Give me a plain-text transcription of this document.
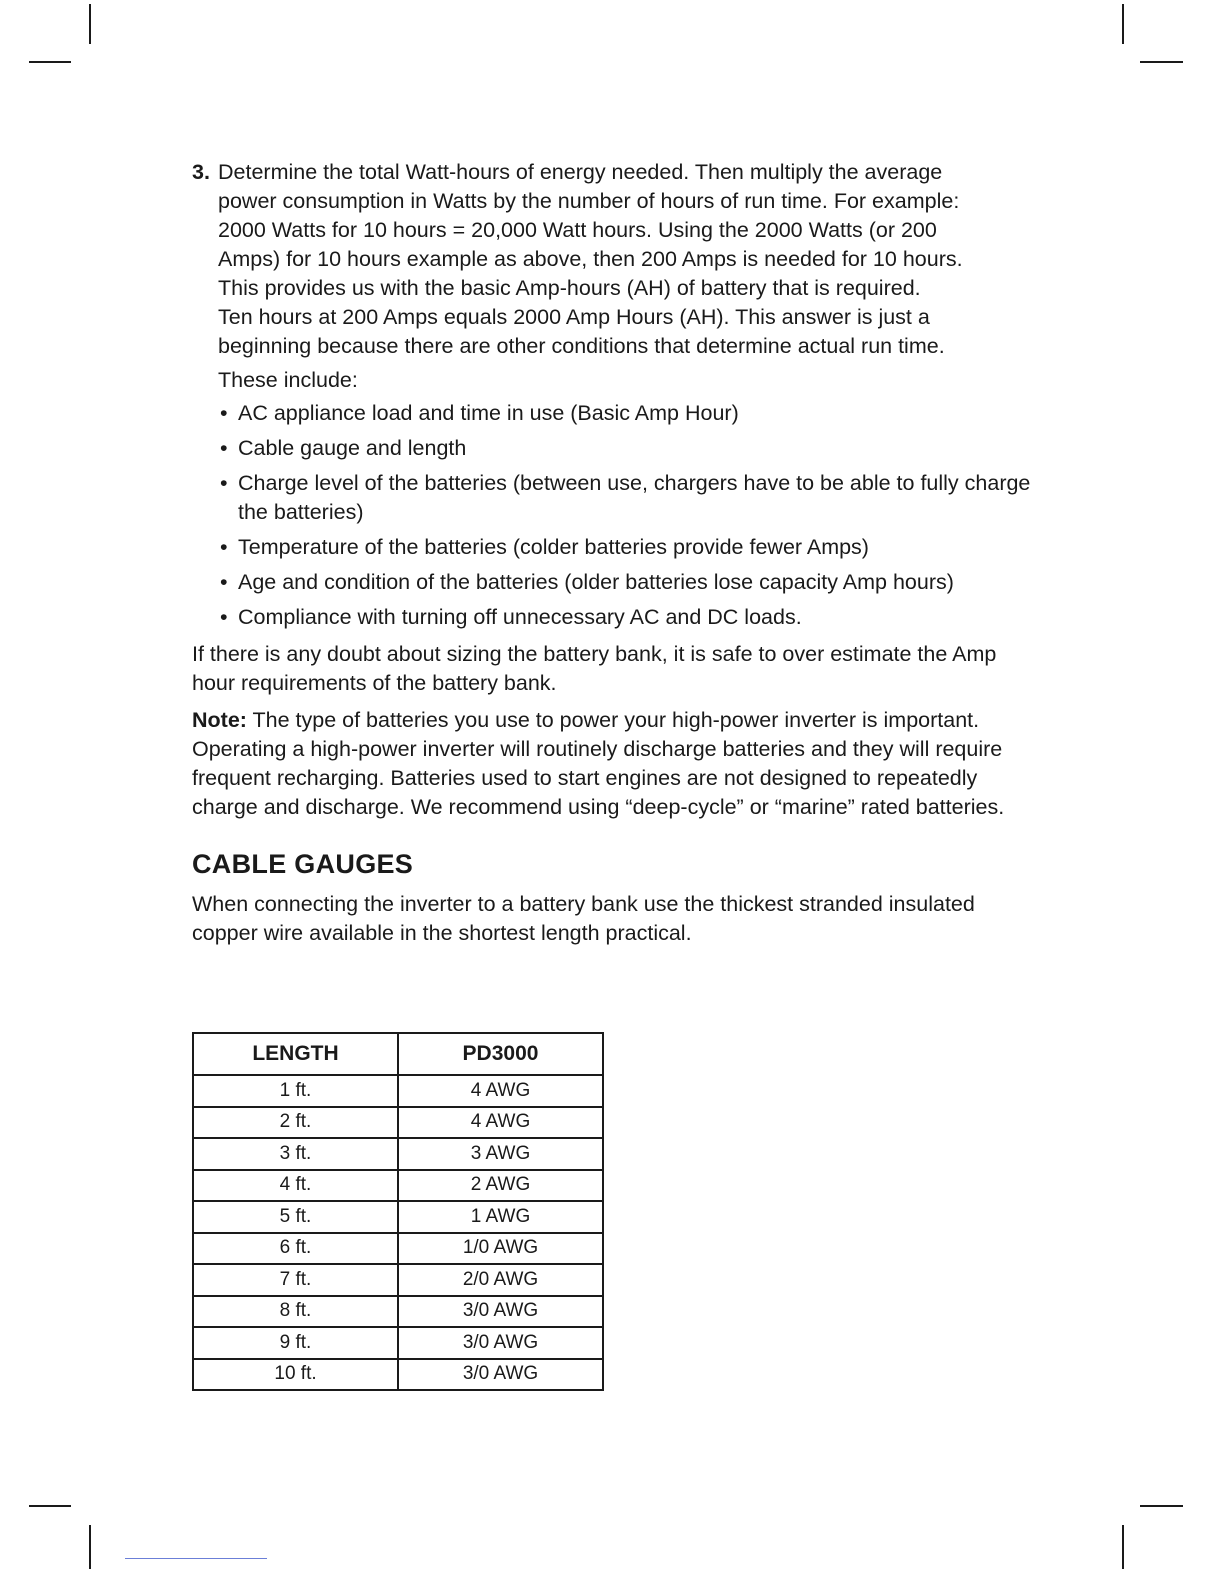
3. Determine the total Watt-hours of energy needed. Then multiply the average
power consumption in Watts by the number of hours of run time. For example:
2000 Watts for 10 hours = 20,000 Watt hours. Using the 2000 Watts (or 200
Amps) for 10 hours example as above, then 200 Amps is needed for 10 hours.
This provides us with the basic Amp-hours (AH) of battery that is required.
Ten hours at 200 Amps equals 2000 Amp Hours (AH). This answer is just a
beginning because there are other conditions that determine actual run time.

These include:

• AC appliance load and time in use (Basic Amp Hour)
• Cable gauge and length
• Charge level of the batteries (between use, chargers have to be able to fully charge the batteries)
• Temperature of the batteries (colder batteries provide fewer Amps)
• Age and condition of the batteries (older batteries lose capacity Amp hours)
• Compliance with turning off unnecessary AC and DC loads.

If there is any doubt about sizing the battery bank, it is safe to over estimate the Amp hour requirements of the battery bank.

Note: The type of batteries you use to power your high-power inverter is important. Operating a high-power inverter will routinely discharge batteries and they will require frequent recharging. Batteries used to start engines are not designed to repeatedly charge and discharge. We recommend using “deep-cycle” or “marine” rated batteries.

CABLE GAUGES

When connecting the inverter to a battery bank use the thickest stranded insulated copper wire available in the shortest length practical.

LENGTH	PD3000
1 ft.	4 AWG
2 ft.	4 AWG
3 ft.	3 AWG
4 ft.	2 AWG
5 ft.	1 AWG
6 ft.	1/0 AWG
7 ft.	2/0 AWG
8 ft.	3/0 AWG
9 ft.	3/0 AWG
10 ft.	3/0 AWG
